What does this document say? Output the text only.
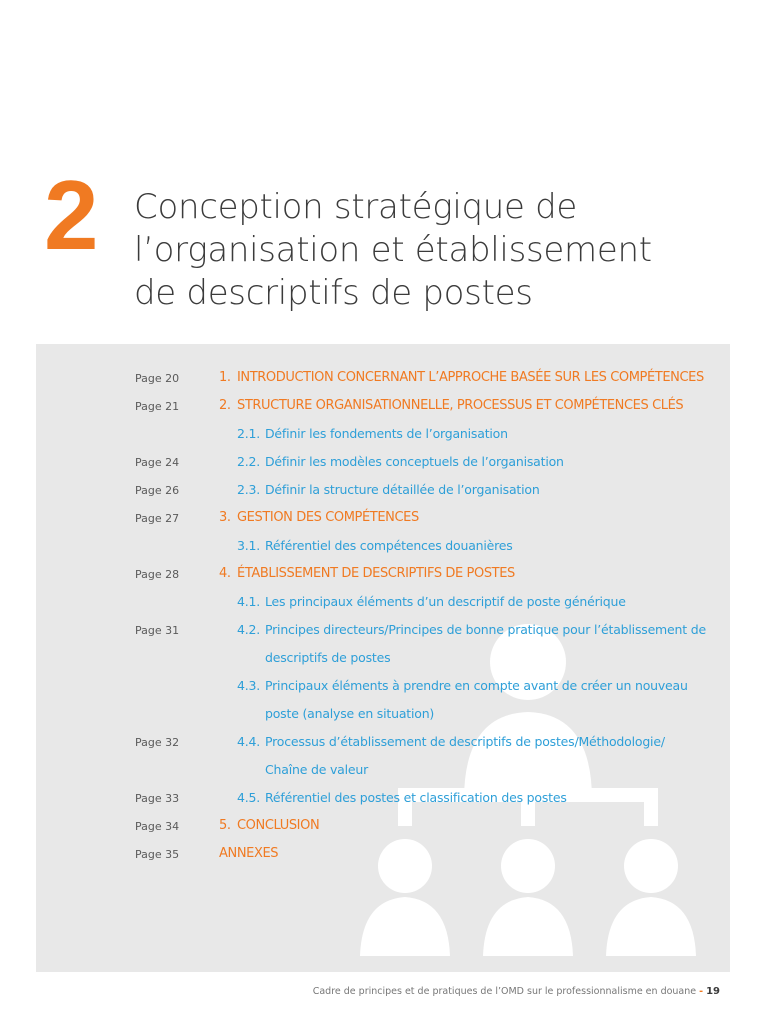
2 Conception stratégique de
l’organisation et établissement
de descriptifs de postes
Page 20	1. INTRODUCTION CONCERNANT L’APPROCHE BASÉE SUR LES COMPÉTENCES
Page 21	2. STRUCTURE ORGANISATIONNELLE, PROCESSUS ET COMPÉTENCES CLÉS
2.1. Définir les fondements de l’organisation
Page 24	2.2. Définir les modèles conceptuels de l’organisation
Page 26	2.3. Définir la structure détaillée de l’organisation
Page 27	3. GESTION DES COMPÉTENCES
3.1. Référentiel des compétences douanières
Page 28	4. ÉTABLISSEMENT DE DESCRIPTIFS DE POSTES
4.1. Les principaux éléments d’un descriptif de poste générique
Page 31	4.2. Principes directeurs/Principes de bonne pratique pour l’établissement de
descriptifs de postes
4.3. Principaux éléments à prendre en compte avant de créer un nouveau
poste (analyse en situation)
Page 32	4.4. Processus d’établissement de descriptifs de postes/Méthodologie/
Chaîne de valeur
Page 33	4.5. Référentiel des postes et classification des postes
Page 34	5. CONCLUSION
Page 35	ANNEXES
Cadre de principes et de pratiques de l’OMD sur le professionnalisme en douane - 19
